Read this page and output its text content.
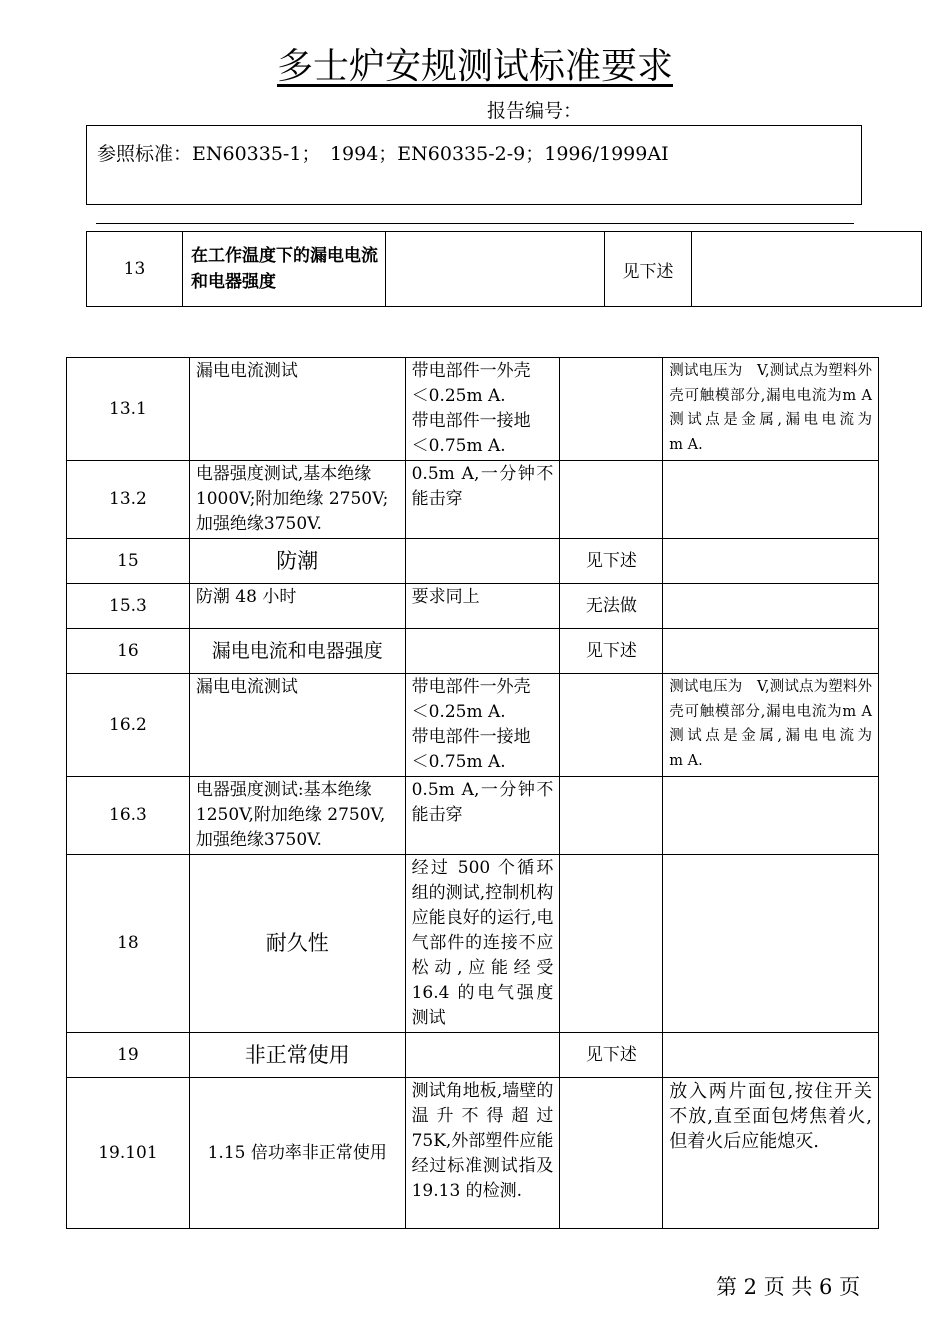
多士炉安规测试标准要求
报告编号：
参照标准：EN60335-1；　1994；EN60335-2-9；1996/1999AI
13	在工作温度下的漏电电流和电器强度		见下述	
13.1	漏电电流测试	带电部件一外壳
＜0.25m A.
带电部件一接地
＜0.75m A.		测试电压为　V,测试点为塑料外壳可触模部分,漏电电流为m A测试点是金属,漏电电流为　　m A.
13.2	电器强度测试,基本绝缘1000V;附加绝缘 2750V;加强绝缘3750V.	0.5m A,一分钟不能击穿		
15	防潮		见下述	
15.3	防潮 48 小时	要求同上	无法做	
16	漏电电流和电器强度		见下述	
16.2	漏电电流测试	带电部件一外壳
＜0.25m A.
带电部件一接地
＜0.75m A.		测试电压为　V,测试点为塑料外壳可触模部分,漏电电流为m A测试点是金属,漏电电流为　　m A.
16.3	电器强度测试:基本绝缘1250V,附加绝缘 2750V,加强绝缘3750V.	0.5m A,一分钟不能击穿		
18	耐久性	经过 500 个循环组的测试,控制机构应能良好的运行,电气部件的连接不应松动,应能经受 16.4 的电气强度测试		
19	非正常使用		见下述	
19.101	1.15 倍功率非正常使用	测试角地板,墙壁的温升不得超过 75K,外部塑件应能经过标准测试指及 19.13 的检测.		放入两片面包,按住开关不放,直至面包烤焦着火,但着火后应能熄灭.
第 2 页 共 6 页
